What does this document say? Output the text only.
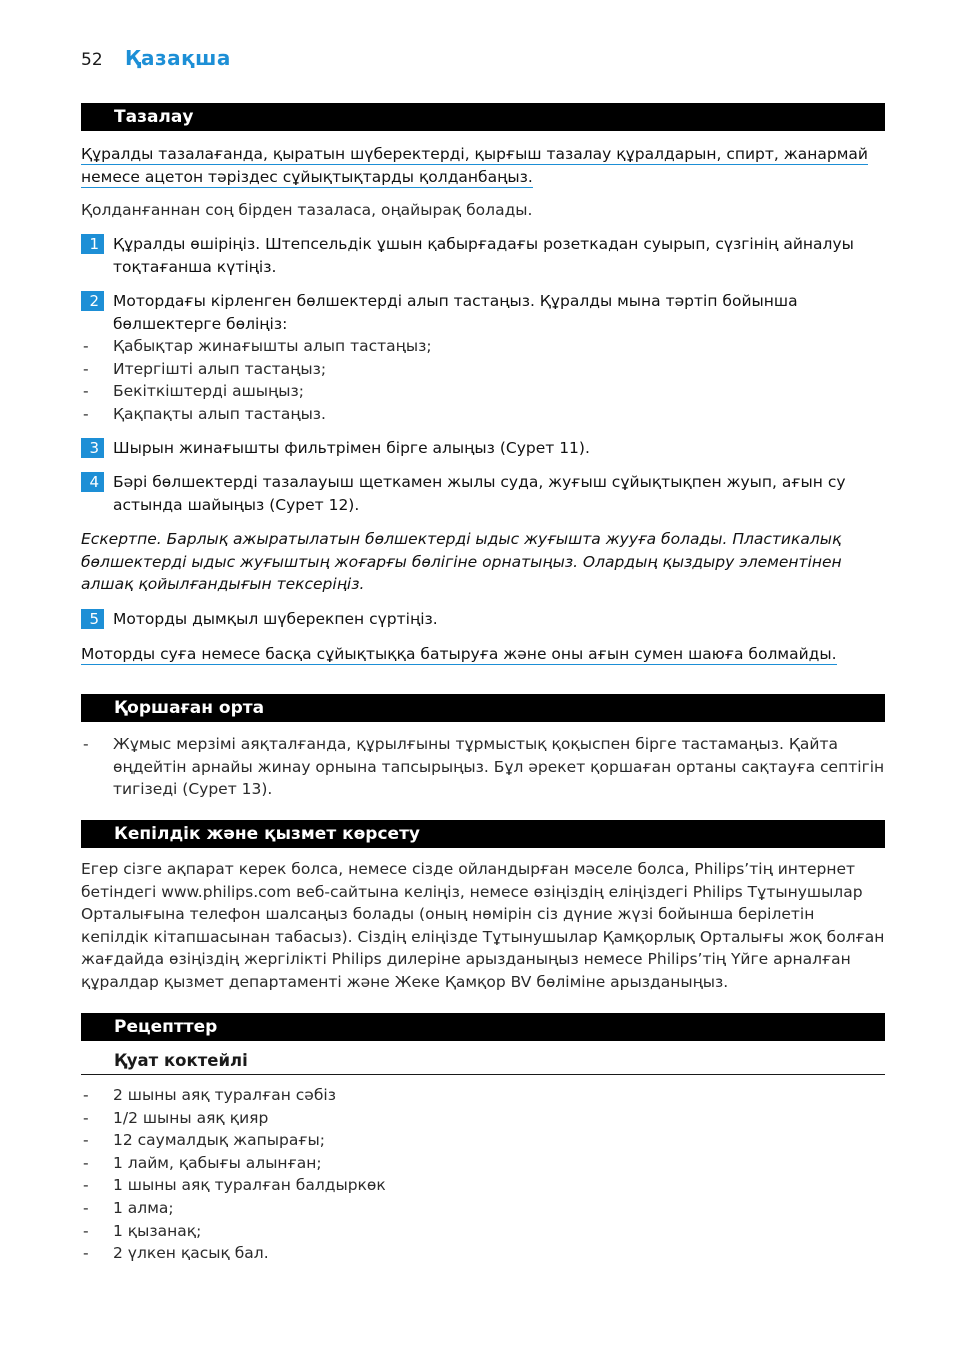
52 Қазақша
Тазалау
Құралды тазалағанда, қыратын шүберектерді, қырғыш тазалау құралдарын, спирт, жанармай
немесе ацетон тәріздес сұйықтықтарды қолданбаңыз.
Қолданғаннан соң бірден тазаласа, оңайырақ болады.
1 Құралды өшіріңіз. Штепсельдік ұшын қабырғадағы розеткадан суырып, сүзгінің айналуы тоқтағанша күтіңіз.
2 Мотордағы кірленген бөлшектерді алып тастаңыз. Құралды мына тәртіп бойынша бөлшектерге бөліңіз:
- Қабықтар жинағышты алып тастаңыз;
- Итергішті алып тастаңыз;
- Бекіткіштерді ашыңыз;
- Қақпақты алып тастаңыз.
3 Шырын жинағышты фильтрімен бірге алыңыз (Сурет 11).
4 Бәрі бөлшектерді тазалауыш щеткамен жылы суда, жуғыш сұйықтықпен жуып, ағын су астында шайыңыз (Сурет 12).
Ескертпе. Барлық ажыратылатын бөлшектерді ыдыс жуғышта жууға болады. Пластикалық бөлшектерді ыдыс жуғыштың жоғарғы бөлігіне орнатыңыз. Олардың қыздыру элементінен алшақ қойылғандығын тексеріңіз.
5 Моторды дымқыл шүберекпен сүртіңіз.
Моторды суға немесе басқа сұйықтыққа батыруға және оны ағын сумен шаюға болмайды.
Қоршаған орта
- Жұмыс мерзімі аяқталғанда, құрылғыны тұрмыстық қоқыспен бірге тастамаңыз. Қайта өңдейтін арнайы жинау орнына тапсырыңыз. Бұл әрекет қоршаған ортаны сақтауға септігін тигізеді (Сурет 13).
Кепілдік және қызмет көрсету
Егер сізге ақпарат керек болса, немесе сізде ойландырған мәселе болса, Philips’тің интернет бетіндегі www.philips.com веб-сайтына келіңіз, немесе өзіңіздің еліңіздегі Philips Тұтынушылар Орталығына телефон шалсаңыз болады (оның нөмірін сіз дүние жүзі бойынша берілетін кепілдік кітапшасынан табасыз). Сіздің еліңізде Тұтынушылар Қамқорлық Орталығы жоқ болған жағдайда өзіңіздің жергілікті Philips дилеріне арызданыңыз немесе Philips’тің Үйге арналған құралдар қызмет департаменті және Жеке Қамқор BV бөліміне арызданыңыз.
Рецепттер
Қуат коктейлі
- 2 шыны аяқ туралған сәбіз
- 1/2 шыны аяқ қияр
- 12 саумалдық жапырағы;
- 1 лайм, қабығы алынған;
- 1 шыны аяқ туралған балдыркөк
- 1 алма;
- 1 қызанақ;
- 2 үлкен қасық бал.
